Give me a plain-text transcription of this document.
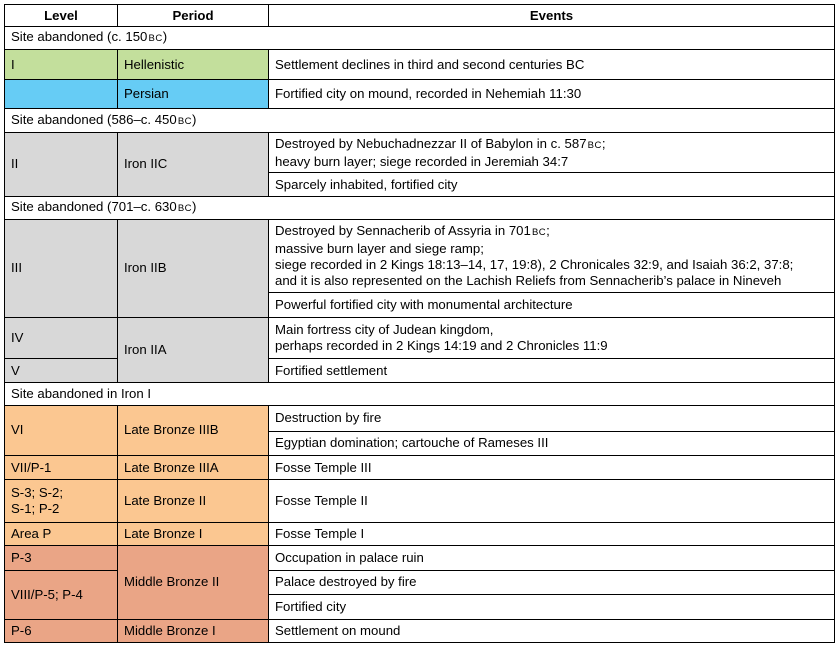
Level	Period	Events
Site abandoned (c. 150 BC)		
I	Hellenistic	Settlement declines in third and second centuries BC
	Persian	Fortified city on mound, recorded in Nehemiah 11:30
Site abandoned (586–c. 450 BC)		
II	Iron IIC	Destroyed by Nebuchadnezzar II of Babylon in c. 587 BC;
heavy burn layer; siege recorded in Jeremiah 34:7
		Sparcely inhabited, fortified city
Site abandoned (701–c. 630 BC)		
III	Iron IIB	Destroyed by Sennacherib of Assyria in 701 BC;
massive burn layer and siege ramp;
siege recorded in 2 Kings 18:13–14, 17, 19:8), 2 Chronicales 32:9, and Isaiah 36:2, 37:8;
and it is also represented on the Lachish Reliefs from Sennacherib’s palace in Nineveh
		Powerful fortified city with monumental architecture
IV	Iron IIA	Main fortress city of Judean kingdom,
perhaps recorded in 2 Kings 14:19 and 2 Chronicles 11:9
V		Fortified settlement
Site abandoned in Iron I		
VI	Late Bronze IIIB	Destruction by fire
		Egyptian domination; cartouche of Rameses III
VII/P-1	Late Bronze IIIA	Fosse Temple III
S-3; S-2;
S-1; P-2	Late Bronze II	Fosse Temple II
Area P	Late Bronze I	Fosse Temple I
P-3	Middle Bronze II	Occupation in palace ruin
VIII/P-5; P-4		Palace destroyed by fire
		Fortified city
P-6	Middle Bronze I	Settlement on mound
